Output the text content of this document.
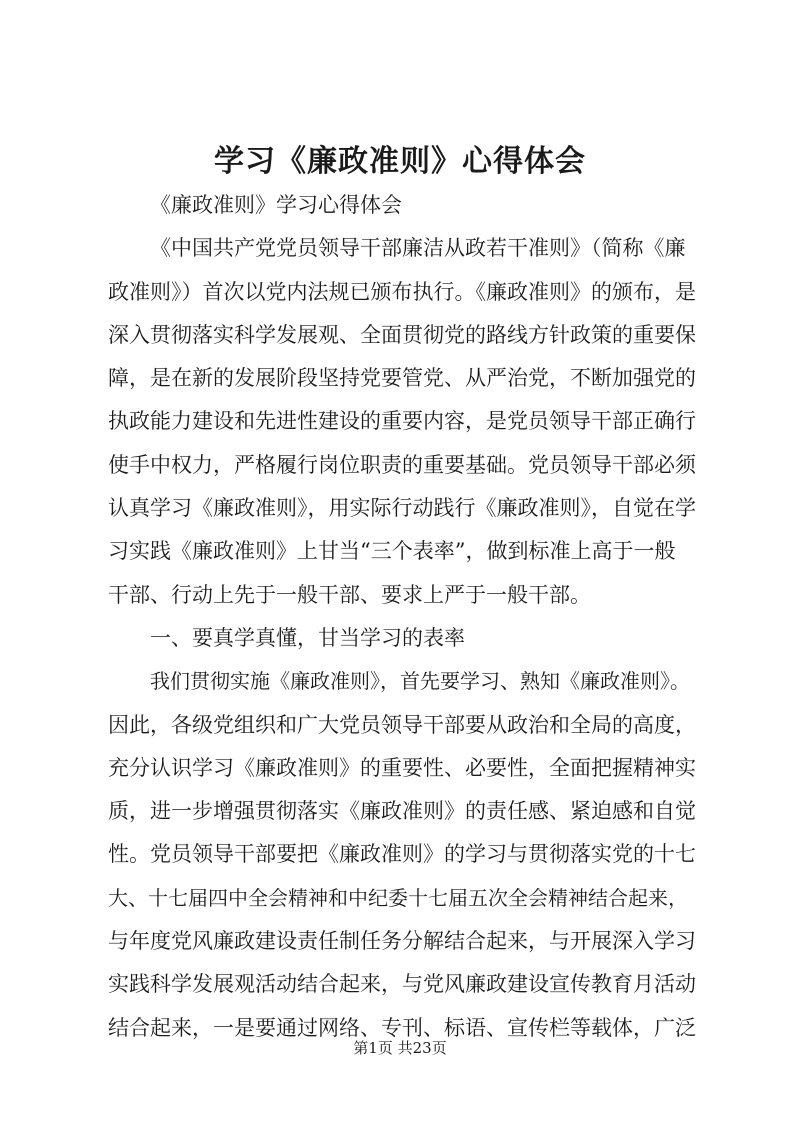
学习《廉政准则》心得体会
《廉政准则》学习心得体会
《中国共产党党员领导干部廉洁从政若干准则》（简称《廉
政准则》）首次以党内法规已颁布执行。《廉政准则》的颁布，是
深入贯彻落实科学发展观、全面贯彻党的路线方针政策的重要保
障，是在新的发展阶段坚持党要管党、从严治党，不断加强党的
执政能力建设和先进性建设的重要内容，是党员领导干部正确行
使手中权力，严格履行岗位职责的重要基础。党员领导干部必须
认真学习《廉政准则》，用实际行动践行《廉政准则》，自觉在学
习实践《廉政准则》上甘当“三个表率”，做到标准上高于一般
干部、行动上先于一般干部、要求上严于一般干部。
一、要真学真懂，甘当学习的表率
我们贯彻实施《廉政准则》，首先要学习、熟知《廉政准则》。
因此，各级党组织和广大党员领导干部要从政治和全局的高度，
充分认识学习《廉政准则》的重要性、必要性，全面把握精神实
质，进一步增强贯彻落实《廉政准则》的责任感、紧迫感和自觉
性。党员领导干部要把《廉政准则》的学习与贯彻落实党的十七
大、十七届四中全会精神和中纪委十七届五次全会精神结合起来，
与年度党风廉政建设责任制任务分解结合起来，与开展深入学习
实践科学发展观活动结合起来，与党风廉政建设宣传教育月活动
结合起来，一是要通过网络、专刊、标语、宣传栏等载体，广泛
第1页 共23页
